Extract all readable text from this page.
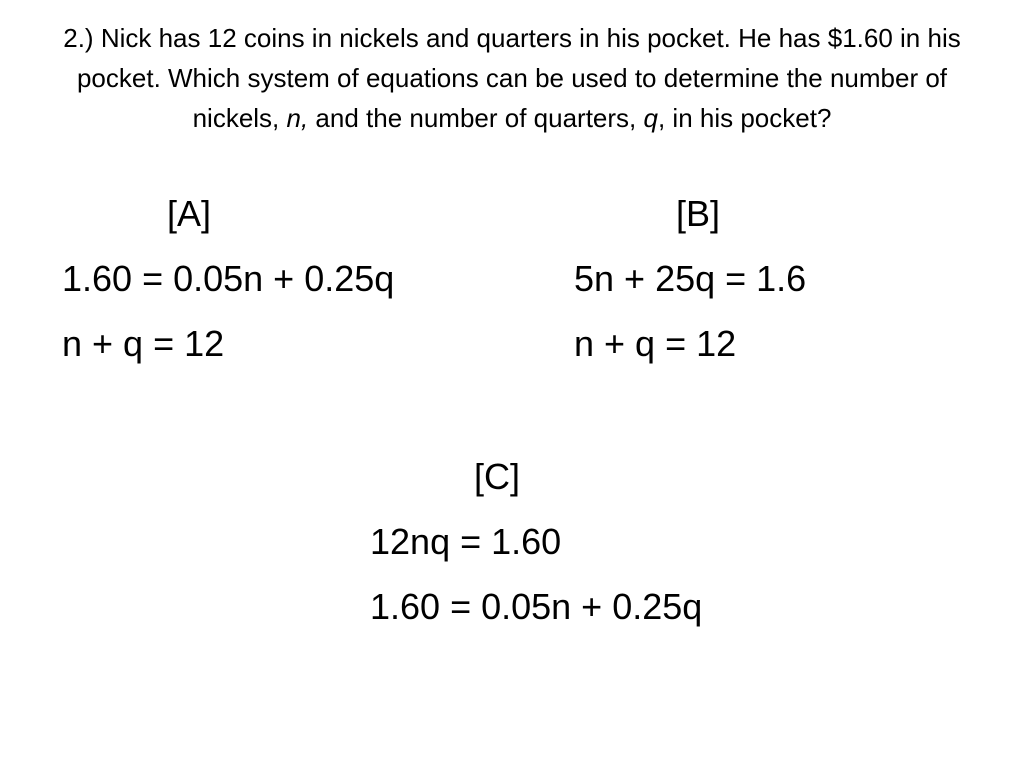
2.) Nick has 12 coins in nickels and quarters in his pocket. He has $1.60 in his pocket. Which system of equations can be used to determine the number of nickels, n, and the number of quarters, q, in his pocket?
[A]
1.60 = 0.05n + 0.25q
n + q = 12
[B]
5n + 25q = 1.6
n + q = 12
[C]
12nq = 1.60
1.60 = 0.05n + 0.25q
